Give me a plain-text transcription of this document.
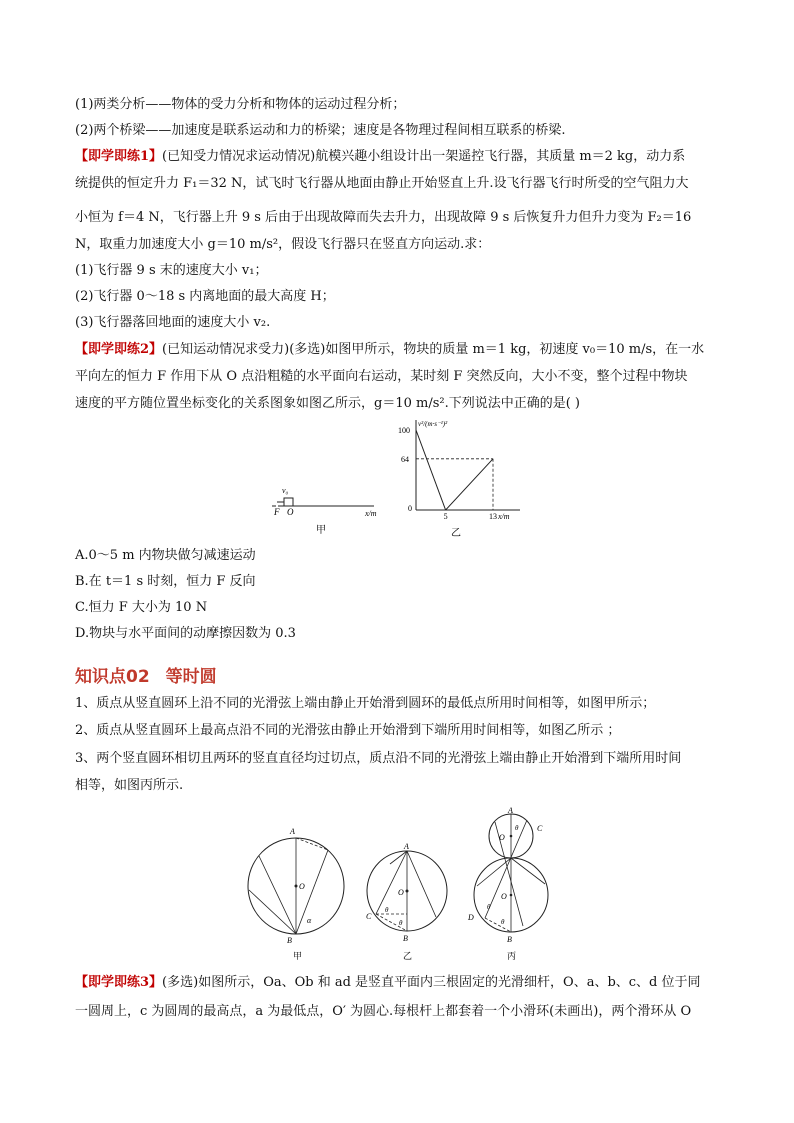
(1)两类分析——物体的受力分析和物体的运动过程分析；
(2)两个桥梁——加速度是联系运动和力的桥梁；速度是各物理过程间相互联系的桥梁.
【即学即练1】(已知受力情况求运动情况)航模兴趣小组设计出一架遥控飞行器，其质量 m＝2 kg，动力系
统提供的恒定升力 F₁＝32 N，试飞时飞行器从地面由静止开始竖直上升.设飞行器飞行时所受的空气阻力大
小恒为 f＝4 N，飞行器上升 9 s 后由于出现故障而失去升力，出现故障 9 s 后恢复升力但升力变为 F₂＝16
N，取重力加速度大小 g＝10 m/s²，假设飞行器只在竖直方向运动.求：
(1)飞行器 9 s 末的速度大小 v₁；
(2)飞行器 0～18 s 内离地面的最大高度 H；
(3)飞行器落回地面的速度大小 v₂.
【即学即练2】(已知运动情况求受力)(多选)如图甲所示，物块的质量 m＝1 kg，初速度 v₀＝10 m/s，在一水
平向左的恒力 F 作用下从 O 点沿粗糙的水平面向右运动，某时刻 F 突然反向，大小不变，整个过程中物块
速度的平方随位置坐标变化的关系图象如图乙所示，g＝10 m/s².下列说法中正确的是( )
v₀
F O	x/m
甲
v²/(m·s⁻¹)²
100
64
0
5	13 x/m
乙
A.0～5 m 内物块做匀减速运动
B.在 t＝1 s 时刻，恒力 F 反向
C.恒力 F 大小为 10 N
D.物块与水平面间的动摩擦因数为 0.3
知识点02 等时圆
1、质点从竖直圆环上沿不同的光滑弦上端由静止开始滑到圆环的最低点所用时间相等，如图甲所示；
2、质点从竖直圆环上最高点沿不同的光滑弦由静止开始滑到下端所用时间相等，如图乙所示 ；
3、两个竖直圆环相切且两环的竖直直径均过切点，质点沿不同的光滑弦上端由静止开始滑到下端所用时间
相等，如图丙所示.
A
O
α
B
甲
A
O
C
θ
θ
B
乙
A
C
O
θ
O
D
θ
θ
B
丙
【即学即练3】(多选)如图所示，Oa、Ob 和 ad 是竖直平面内三根固定的光滑细杆，O、a、b、c、d 位于同
一圆周上，c 为圆周的最高点，a 为最低点，O′ 为圆心.每根杆上都套着一个小滑环(未画出)，两个滑环从 O
